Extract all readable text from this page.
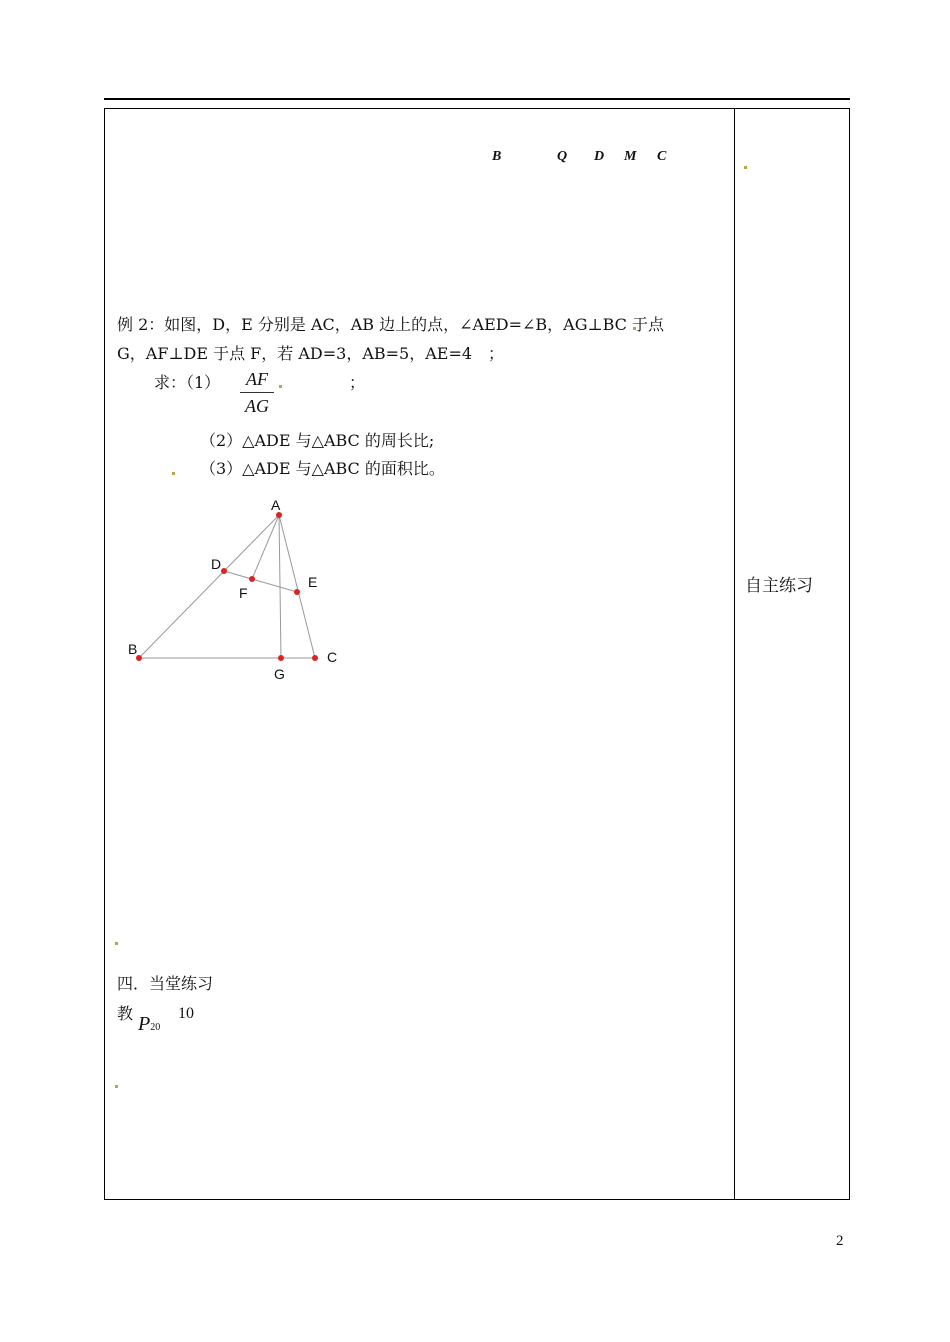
B	Q D M C
例 2：如图，D，E 分别是 AC，AB 边上的点，∠AED=∠B，AG⊥BC 于点
G，AF⊥DE 于点 F，若 AD=3，AB=5，AE=4　；
求：$(1) \frac{AF}{AG}$	；
（2）△ADE 与△ABC 的周长比;
（3）△ADE 与△ABC 的面积比。
A
D
F
E
B
G
C
自主练习
四．当堂练习
教 P20
10
2
